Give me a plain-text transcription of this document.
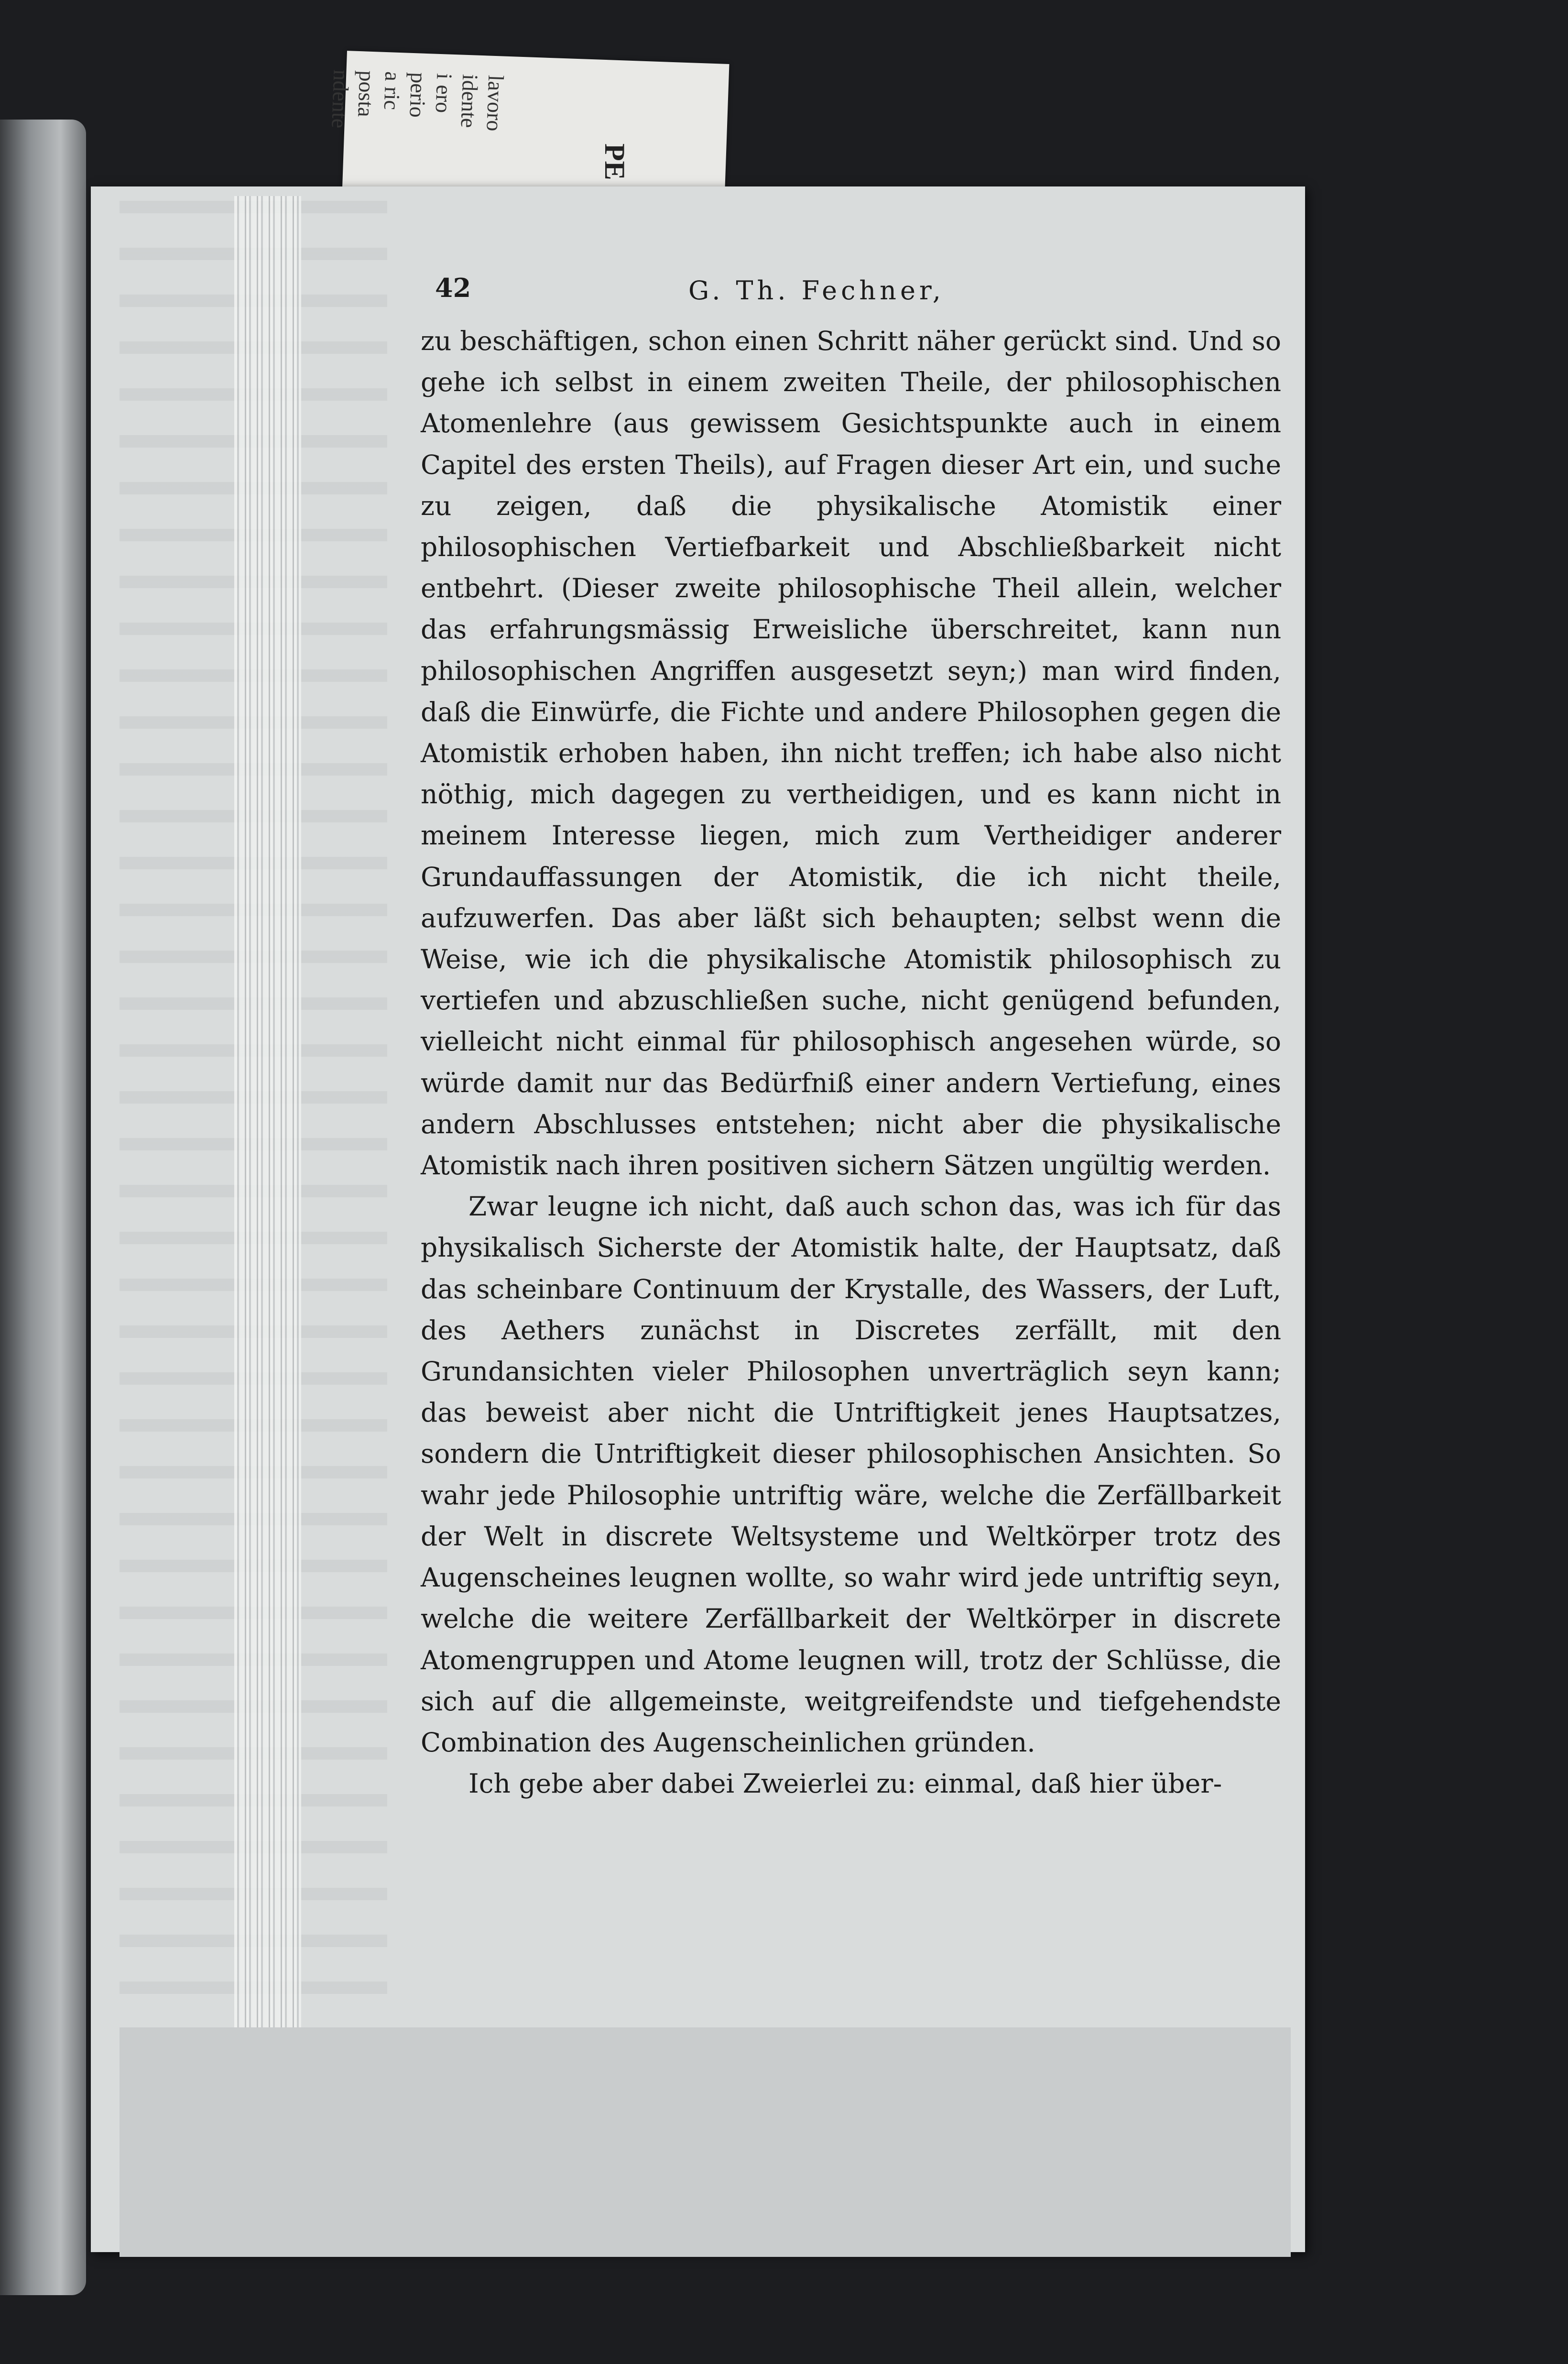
lavoro
idente
i ero
perio
a ric
posta
ndente
PE
42	G. Th. Fechner,

zu beschäftigen, schon einen Schritt näher gerückt sind. Und so gehe ich selbst in einem zweiten Theile, der philosophischen Atomenlehre (aus gewissem Gesichtspunkte auch in einem Capitel des ersten Theils), auf Fragen dieser Art ein, und suche zu zeigen, daß die physikalische Atomistik einer philosophischen Vertiefbarkeit und Abschließbarkeit nicht entbehrt. (Dieser zweite philosophische Theil allein, welcher das erfahrungsmässig Erweisliche überschreitet, kann nun philosophischen Angriffen ausgesetzt seyn;) man wird finden, daß die Einwürfe, die Fichte und andere Philosophen gegen die Atomistik erhoben haben, ihn nicht treffen; ich habe also nicht nöthig, mich dagegen zu vertheidigen, und es kann nicht in meinem Interesse liegen, mich zum Vertheidiger anderer Grundauffassungen der Atomistik, die ich nicht theile, aufzuwerfen. Das aber läßt sich behaupten; selbst wenn die Weise, wie ich die physikalische Atomistik philosophisch zu vertiefen und abzuschließen suche, nicht genügend befunden, vielleicht nicht einmal für philosophisch angesehen würde, so würde damit nur das Bedürfniß einer andern Vertiefung, eines andern Abschlusses entstehen; nicht aber die physikalische Atomistik nach ihren positiven sichern Sätzen ungültig werden.

Zwar leugne ich nicht, daß auch schon das, was ich für das physikalisch Sicherste der Atomistik halte, der Hauptsatz, daß das scheinbare Continuum der Krystalle, des Wassers, der Luft, des Aethers zunächst in Discretes zerfällt, mit den Grundansichten vieler Philosophen unverträglich seyn kann; das beweist aber nicht die Untriftigkeit jenes Hauptsatzes, sondern die Untriftigkeit dieser philosophischen Ansichten. So wahr jede Philosophie untriftig wäre, welche die Zerfällbarkeit der Welt in discrete Weltsysteme und Weltkörper trotz des Augenscheines leugnen wollte, so wahr wird jede untriftig seyn, welche die weitere Zerfällbarkeit der Weltkörper in discrete Atomengruppen und Atome leugnen will, trotz der Schlüsse, die sich auf die allgemeinste, weitgreifendste und tiefgehendste Combination des Augenscheinlichen gründen.

Ich gebe aber dabei Zweierlei zu: einmal, daß hier über-
